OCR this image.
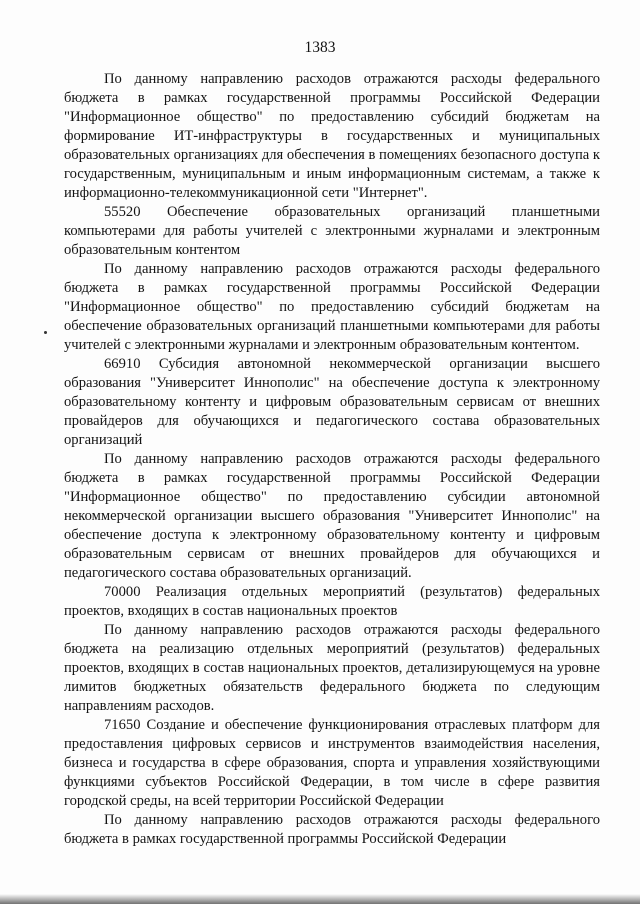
1383

По данному направлению расходов отражаются расходы федерального бюджета в рамках государственной программы Российской Федерации "Информационное общество" по предоставлению субсидий бюджетам на формирование ИТ-инфраструктуры в государственных и муниципальных образовательных организациях для обеспечения в помещениях безопасного доступа к государственным, муниципальным и иным информационным системам, а также к информационно-телекоммуникационной сети "Интернет".

55520 Обеспечение образовательных организаций планшетными компьютерами для работы учителей с электронными журналами и электронным образовательным контентом

По данному направлению расходов отражаются расходы федерального бюджета в рамках государственной программы Российской Федерации "Информационное общество" по предоставлению субсидий бюджетам на обеспечение образовательных организаций планшетными компьютерами для работы учителей с электронными журналами и электронным образовательным контентом.

66910 Субсидия автономной некоммерческой организации высшего образования "Университет Иннополис" на обеспечение доступа к электронному образовательному контенту и цифровым образовательным сервисам от внешних провайдеров для обучающихся и педагогического состава образовательных организаций

По данному направлению расходов отражаются расходы федерального бюджета в рамках государственной программы Российской Федерации "Информационное общество" по предоставлению субсидии автономной некоммерческой организации высшего образования "Университет Иннополис" на обеспечение доступа к электронному образовательному контенту и цифровым образовательным сервисам от внешних провайдеров для обучающихся и педагогического состава образовательных организаций.

70000 Реализация отдельных мероприятий (результатов) федеральных проектов, входящих в состав национальных проектов

По данному направлению расходов отражаются расходы федерального бюджета на реализацию отдельных мероприятий (результатов) федеральных проектов, входящих в состав национальных проектов, детализирующемуся на уровне лимитов бюджетных обязательств федерального бюджета по следующим направлениям расходов.

71650 Создание и обеспечение функционирования отраслевых платформ для предоставления цифровых сервисов и инструментов взаимодействия населения, бизнеса и государства в сфере образования, спорта и управления хозяйствующими функциями субъектов Российской Федерации, в том числе в сфере развития городской среды, на всей территории Российской Федерации

По данному направлению расходов отражаются расходы федерального бюджета в рамках государственной программы Российской Федерации
